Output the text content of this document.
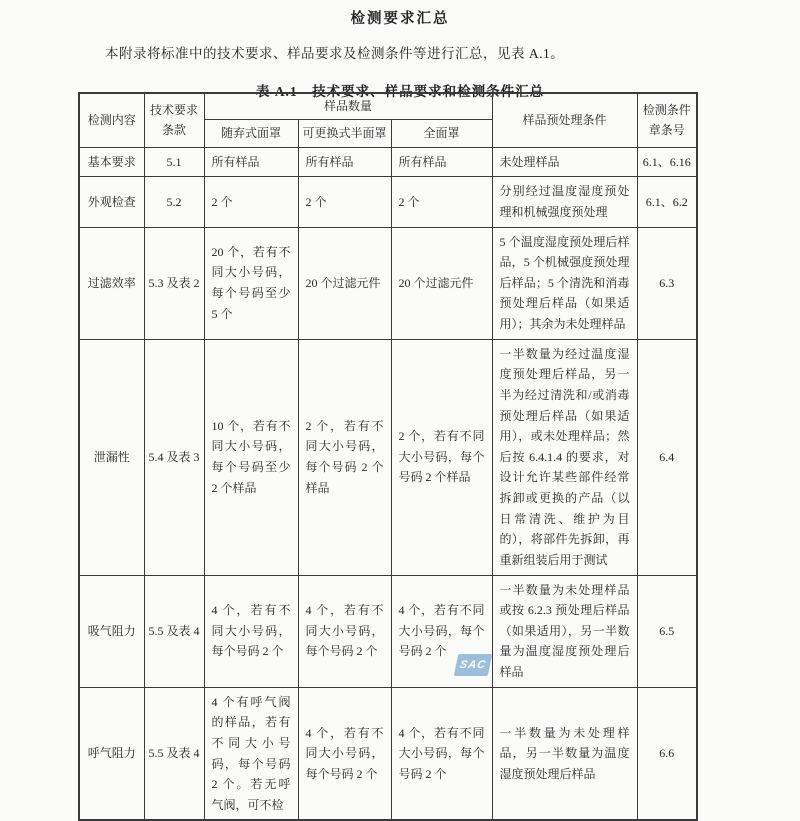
检测要求汇总

本附录将标准中的技术要求、样品要求及检测条件等进行汇总，见表 A.1。

表 A.1　技术要求、样品要求和检测条件汇总
检测内容	技术要求条款	样品数量			样品预处理条件	检测条件章条号
		随弃式面罩	可更换式半面罩	全面罩		
基本要求	5.1	所有样品	所有样品	所有样品	未处理样品	6.1、6.16
外观检查	5.2	2 个	2 个	2 个	分别经过温度湿度预处理和机械强度预处理	6.1、6.2
过滤效率	5.3 及表 2	20 个，若有不同大小号码，每个号码至少 5 个	20 个过滤元件	20 个过滤元件	5 个温度湿度预处理后样品，5 个机械强度预处理后样品；5 个清洗和消毒预处理后样品（如果适用）；其余为未处理样品	6.3
泄漏性	5.4 及表 3	10 个，若有不同大小号码，每个号码至少 2 个样品	2 个，若有不同大小号码，每个号码 2 个样品	2 个，若有不同大小号码，每个号码 2 个样品	一半数量为经过温度湿度预处理后样品，另一半为经过清洗和/或消毒预处理后样品（如果适用），或未处理样品；然后按 6.4.1.4 的要求，对设计允许某些部件经常拆卸或更换的产品（以日常清洗、维护为目的），将部件先拆卸，再重新组装后用于测试	6.4
吸气阻力	5.5 及表 4	4 个，若有不同大小号码，每个号码 2 个	4 个，若有不同大小号码，每个号码 2 个	4 个，若有不同大小号码，每个号码 2 个	一半数量为未处理样品或按 6.2.3 预处理后样品（如果适用），另一半数量为温度湿度预处理后样品	6.5
呼气阻力	5.5 及表 4	4 个有呼气阀的样品，若有不同大小号码，每个号码 2 个。若无呼气阀，可不检	4 个，若有不同大小号码，每个号码 2 个	4 个，若有不同大小号码，每个号码 2 个	一半数量为未处理样品，另一半数量为温度湿度预处理后样品	6.6
SAC
